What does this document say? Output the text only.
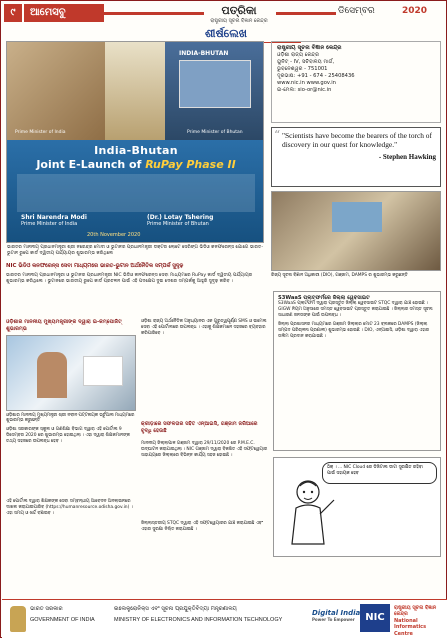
୯	ଆମେସବୁ	ପତ୍ରିକା
ରାଷ୍ଟ୍ରୀୟ ସୂଚନା ବିଜ୍ଞାନ କେନ୍ଦ୍ର
ଡିସେମ୍ବର	2020
ଶୀର୍ଷଲେଖ
Prime Minister of India
INDIA-BHUTAN
Prime Minister of Bhutan
India-Bhutan
Joint E-Launch of RuPay Phase II
Shri Narendra Modi
Prime Minister of India
(Dr.) Lotay Tshering
Prime Minister of Bhutan
20th November 2020
ଭାରତର ମାନନୀୟ ପ୍ରଧାନମନ୍ତ୍ରୀ ଶ୍ରୀ ନରେନ୍ଦ୍ର ମୋଦୀ ଓ ଭୁଟାନର ପ୍ରଧାନମନ୍ତ୍ରୀ ଡକ୍ଟର ଲୋଟେ ସେରିଙ୍ଗ ଭିଡିଓ କନଫରେନ୍ସ ଯୋଗେ ଭାରତ-ଭୁଟାନ ରୁପେ କାର୍ଡ ଦ୍ୱିତୀୟ ପର୍ଯ୍ୟାୟର ଶୁଭାରମ୍ଭ କରିଥିଲେ
ରାଷ୍ଟ୍ରୀୟ ସୂଚନା ବିଜ୍ଞାନ କେନ୍ଦ୍ର
ଓଡ଼ିଶା ରାଜ୍ୟ କେନ୍ଦ୍ର
ୟୁନିଟ୍ - IV, ସଚିବାଳୟ ମାର୍ଗ,
ଭୁବନେଶ୍ୱର - 751001
ଦୂରଭାଷ: +91 - 674 - 25408436
www.nic.in www.gov.in
ଇ-ମେଲ: sio-or@nic.in
“ "Scientists have become the bearers of the torch of discovery in our quest for knowledge."
- Stephen Hawking
ରିଜ୍ୟ ସୂଚନା ବିଜ୍ଞାନ ଅଧିକାରୀ (DIO), ଗଞ୍ଜାମ, DAMPS ର ଶୁଭାରମ୍ଭ କରୁଛନ୍ତି
NIC ଭିଡିଓ କନଫରେନ୍ସ ସେବା ମାଧ୍ୟମରେ ଭାରତ-ଭୁଟାନ ଅର୍ଥନୈତିକ ସମ୍ପର୍କ ସୁଦୃଢ଼
ଭାରତର ମାନନୀୟ ପ୍ରଧାନମନ୍ତ୍ରୀ ଓ ଭୁଟାନର ପ୍ରଧାନମନ୍ତ୍ରୀ NIC ଭିଡିଓ କନଫରେନ୍ସ ସେବା ମାଧ୍ୟମରେ RuPay କାର୍ଡ ଦ୍ୱିତୀୟ ପର୍ଯ୍ୟାୟର ଶୁଭାରମ୍ଭ କରିଥିଲେ । ଭୁଟାନରେ ଭାରତୀୟ ରୁପେ କାର୍ଡ ପ୍ରଚଳନ ପାଇଁ ଏହି ପଦକ୍ଷେପ ଦୁଇ ଦେଶର ସମ୍ପର୍କକୁ ଆହୁରି ସୁଦୃଢ଼ କରିବ ।
ଓଡ଼ିଶାର ମାନନୀୟ ମୁଖ୍ୟମନ୍ତ୍ରୀଙ୍କ ଦ୍ୱାରା ଇ-କମ୍ପୋଜିଟ୍ ଶୁଭାରମ୍ଭ
ଓଡ଼ିଶାର ମାନନୀୟ ମୁଖ୍ୟମନ୍ତ୍ରୀ ଶ୍ରୀ ନବୀନ ପଟ୍ଟନାୟକ ଭର୍ଚୁଆଲ ମାଧ୍ୟମରେ ଶୁଭାରମ୍ଭ କରୁଛନ୍ତି
ଓଡ଼ିଶା ସରକାରଙ୍କ ସ୍କୁଲ ଓ ଗଣଶିକ୍ଷା ବିଭାଗ ଦ୍ୱାରା ଏହି ପୋର୍ଟାଲ 9 ଡିସେମ୍ବର 2020 ରେ ଶୁଭାରମ୍ଭ ହୋଇଥିଲା । ଏହା ଦ୍ୱାରା ଶିକ୍ଷକମାନଙ୍କ ତଥ୍ୟ ସହଜରେ ଉପଲବ୍ଧ ହେବ ।
ଏହି ପୋର୍ଟାଲ ଦ୍ୱାରା ଶିକ୍ଷକଙ୍କ ସେବା ସମ୍ବନ୍ଧୀୟ ଆବେଦନ ଅନଲାଇନରେ ଦାଖଲ କରାଯାଇପାରିବ (https://humanresource.odisha.gov.in) । ଏହା ସମୟ ଓ ଖର୍ଚ୍ଚ ବଞ୍ଚାଇବ ।
ଓଡ଼ିଶା ରାଜ୍ୟ ଅର୍ଥନୈତିକ ଅନୁଧ୍ୟାନର ଏକ ଗୁରୁତ୍ୱପୂର୍ଣ୍ଣ SMS ଓ ଇମେଲ ସେବା ଏହି ପୋର୍ଟାଲରେ ଉପଲବ୍ଧ । ଏହାକୁ ଶିକ୍ଷକମାନେ ସହଜରେ ବ୍ୟବହାର କରିପାରିବେ ।
କ୍ରୀଡ଼ାରେ ସଫଳତାର ସହିତ ଏନ୍‌ଆଇସି, ଗଞ୍ଜାମ ଜରିଆରେ ବୃଦ୍ଧି ହେଉଛି
ମାନନୀୟ ଜିଲ୍ଲାପାଳ ଗଞ୍ଜାମ ଦ୍ୱାରା 29/11/2020 ରେ P.M.E.C. ଉଦ୍‌ଘାଟନ କରାଯାଇଥିଲା । NIC ଗଞ୍ଜାମ ଦ୍ୱାରା ବିକଶିତ ଏହି ସଫ୍ଟୱେୟାର ସାହାଯ୍ୟରେ ଜିଲ୍ଲାରେ ବିଭିନ୍ନ କାର୍ଯ୍ୟ ସହଜ ହୋଇଛି ।
ଜିଲ୍ଲାସ୍ତରୀୟ STQC ଦ୍ୱାରା ଏହି ସଫ୍ଟୱେୟାରର ଯାଞ୍ଚ କରାଯାଇଛି ଏବଂ ଏହାର ସୁରକ୍ଷା ନିଶ୍ଚିତ କରାଯାଇଛି ।
S3WaaS ପ୍ଲାଟଫର୍ମରେ ଜିଲ୍ଲା ୱେବସାଇଟ
S3WaaS ପ୍ଲାଟଫର୍ମ ଦ୍ୱାରା ପ୍ରସ୍ତୁତ ଜିଲ୍ଲା ୱେବସାଇଟ STQC ଦ୍ୱାରା ଯାଞ୍ଚ ହୋଇଛି । GIGW ନିୟମ ଅନୁସାରେ ସମସ୍ତ ୱେବସାଇଟ ପ୍ରସ୍ତୁତ କରାଯାଇଛି । ଜିଲ୍ଲାର ସମସ୍ତ ସୂଚନା ସାଧାରଣ ଜନତାଙ୍କ ପାଇଁ ଉପଲବ୍ଧ ।
ଜିଲ୍ଲା ପ୍ରଶାସନର ମାଧ୍ୟମରେ ଗଞ୍ଜାମ ଜିଲ୍ଲାର ମୋଟ 23 ବ୍ଲକରେ DAMPS (ଜିଲ୍ଲା ସମ୍ପଦ ପରିଚାଳନା ପ୍ରଣାଳୀ) ଶୁଭାରମ୍ଭ ହୋଇଛି । DIO, ଏନ୍‌ଆଇସି, ଓଡ଼ିଶା ଦ୍ୱାରା ଏହାର ତାଲିମ ପ୍ରଦାନ କରାଯାଇଛି ।
ଠିକ୍ । ... NIC Cloud ରେ ଡିଜିଟାଲ ଡାଟା ସୁରକ୍ଷିତ ରହିବା ପାଇଁ ସହାୟକ ହେବ
ଭାରତ ସରକାର
GOVERNMENT OF INDIA
ଇଲେକ୍ଟ୍ରୋନିକ୍ସ ଏବଂ ସୂଚନା ପ୍ରଯୁକ୍ତିବିଦ୍ୟା ମନ୍ତ୍ରଣାଳୟ
MINISTRY OF ELECTRONICS AND INFORMATION TECHNOLOGY
Digital India
Power To Empower	NIC
ରାଷ୍ଟ୍ରୀୟ ସୂଚନା ବିଜ୍ଞାନ କେନ୍ଦ୍ର
National Informatics Centre
